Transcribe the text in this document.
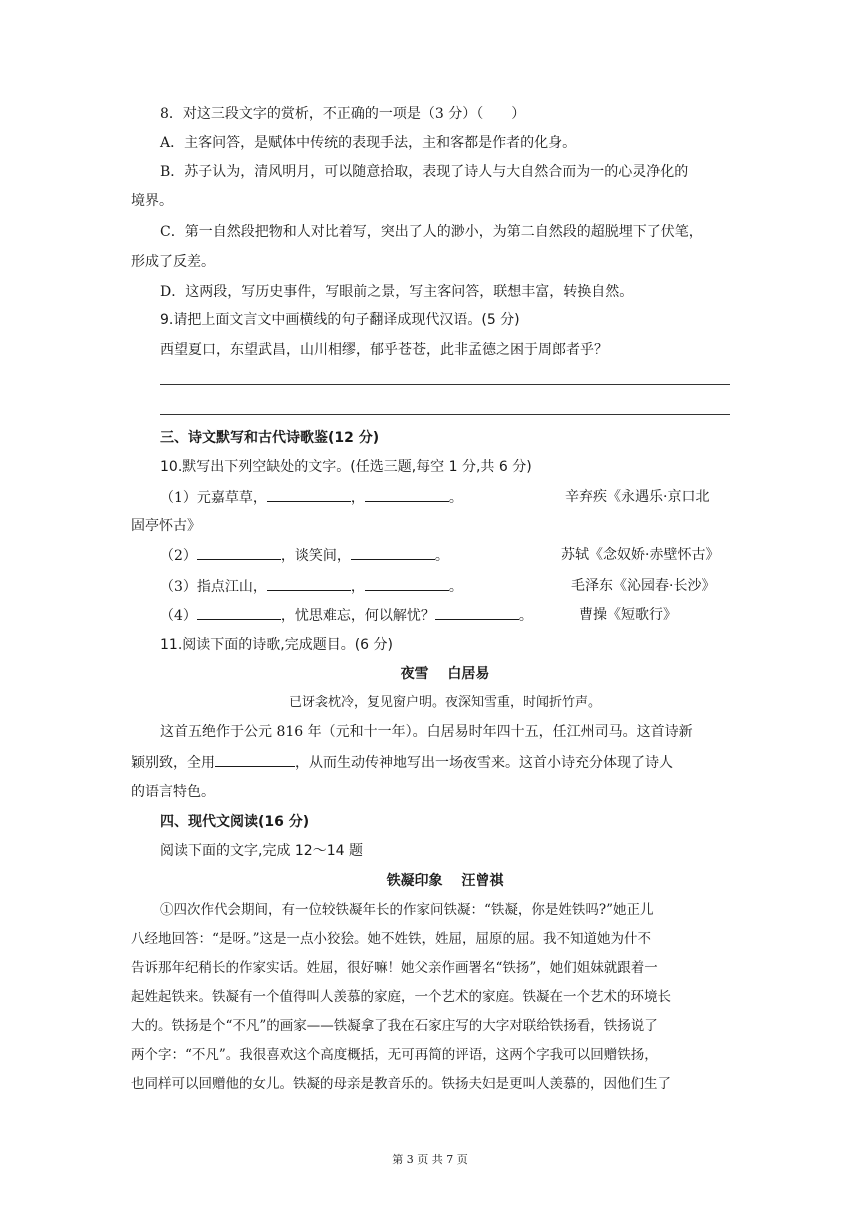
8．对这三段文字的赏析，不正确的一项是（3 分）（　　）
A．主客问答，是赋体中传统的表现手法，主和客都是作者的化身。
B．苏子认为，清风明月，可以随意拾取，表现了诗人与大自然合而为一的心灵净化的
境界。
C．第一自然段把物和人对比着写，突出了人的渺小，为第二自然段的超脱埋下了伏笔，
形成了反差。
D．这两段，写历史事件，写眼前之景，写主客问答，联想丰富，转换自然。
9.请把上面文言文中画横线的句子翻译成现代汉语。(5 分)
西望夏口，东望武昌，山川相缪，郁乎苍苍，此非孟德之困于周郎者乎？
三、诗文默写和古代诗歌鉴(12 分)
10.默写出下列空缺处的文字。(任选三题,每空 1 分,共 6 分)
（1）元嘉草草，	，	。	辛弃疾《永遇乐·京口北
固亭怀古》
（2）	，谈笑间，	。	苏轼《念奴娇·赤壁怀古》
（3）指点江山，	，	。	毛泽东《沁园春·长沙》
（4）	，忧思难忘，何以解忧？	。	曹操《短歌行》
11.阅读下面的诗歌,完成题目。(6 分)
夜雪　 白居易
已讶衾枕冷，复见窗户明。夜深知雪重，时闻折竹声。
这首五绝作于公元 816 年（元和十一年）。白居易时年四十五，任江州司马。这首诗新
颖别致，全用	，从而生动传神地写出一场夜雪来。这首小诗充分体现了诗人
的语言特色。
四、现代文阅读(16 分)
阅读下面的文字,完成 12～14 题
铁凝印象　 汪曾祺
①四次作代会期间，有一位较铁凝年长的作家问铁凝：“铁凝，你是姓铁吗?”她正儿
八经地回答：“是呀。”这是一点小狡狯。她不姓铁，姓屈，屈原的屈。我不知道她为什不
告诉那年纪稍长的作家实话。姓屈，很好嘛！她父亲作画署名“铁扬”，她们姐妹就跟着一
起姓起铁来。铁凝有一个值得叫人羡慕的家庭，一个艺术的家庭。铁凝在一个艺术的环境长
大的。铁扬是个“不凡”的画家——铁凝拿了我在石家庄写的大字对联给铁扬看，铁扬说了
两个字：“不凡”。我很喜欢这个高度概括，无可再简的评语，这两个字我可以回赠铁扬，
也同样可以回赠他的女儿。铁凝的母亲是教音乐的。铁扬夫妇是更叫人羡慕的，因他们生了
第 3 页 共 7 页
